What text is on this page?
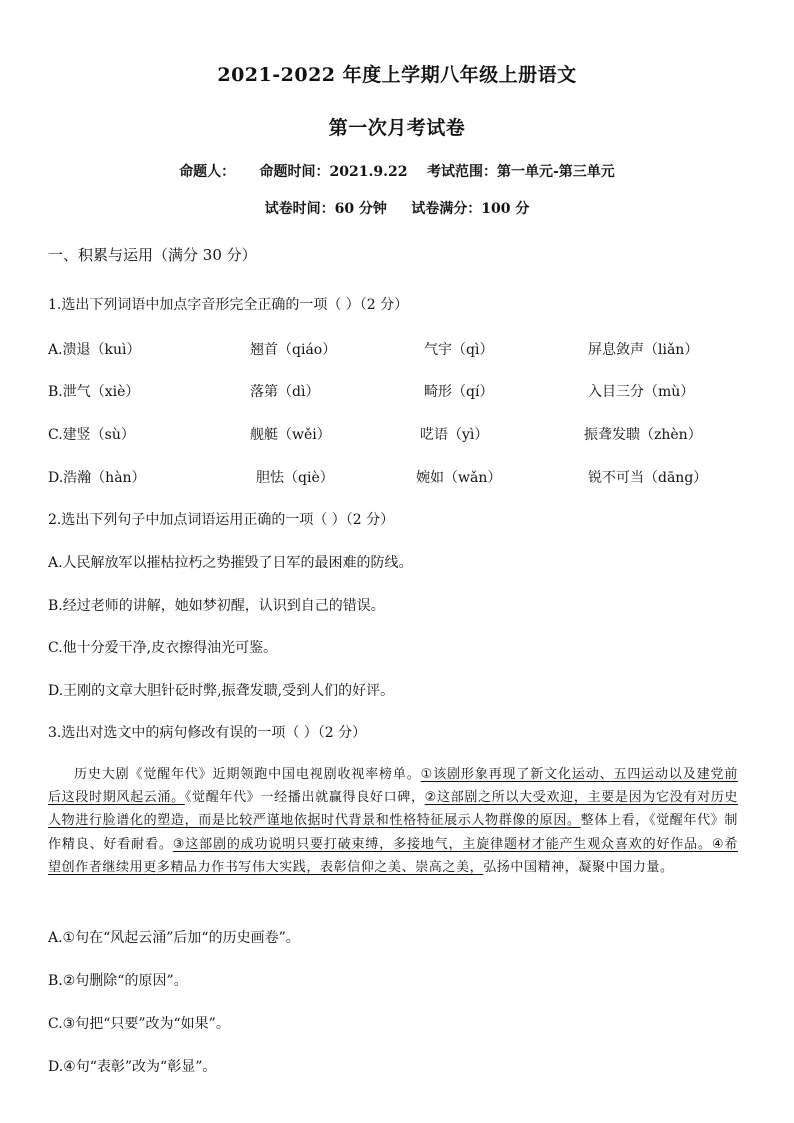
2021-2022 年度上学期八年级上册语文
第一次月考试卷
命题人：     命题时间：2021.9.22    考试范围：第一单元-第三单元
试卷时间：60 分钟     试卷满分：100 分
一、积累与运用（满分 30 分）
1.选出下列词语中加点字音形完全正确的一项（ ）（2 分）
A.溃退（kuì）	翘首（qiáo）	气宇（qì）	屏息敛声（liǎn）
B.泄气（xiè）	落第（dì）	畸形（qí）	入目三分（mù）
C.建竖（sù）	舰艇（wěi）	呓语（yì）	振聋发聩（zhèn）
D.浩瀚（hàn）	胆怯（qiè）	婉如（wǎn）	锐不可当（dāng）
2.选出下列句子中加点词语运用正确的一项（ ）（2 分）
A.人民解放军以摧枯拉朽之势摧毁了日军的最困难的防线。
B.经过老师的讲解，她如梦初醒，认识到自己的错误。
C.他十分爱干净,皮衣擦得油光可鉴。
D.王刚的文章大胆针砭时弊,振聋发聩,受到人们的好评。
3.选出对选文中的病句修改有误的一项（ ）（2 分）
历史大剧《觉醒年代》近期领跑中国电视剧收视率榜单。①该剧形象再现了新文化运动、五四运动以及建党前后这段时期风起云涌。《觉醒年代》一经播出就赢得良好口碑，②这部剧之所以大受欢迎，主要是因为它没有对历史人物进行脸谱化的塑造，而是比较严谨地依据时代背景和性格特征展示人物群像的原因。整体上看，《觉醒年代》制作精良、好看耐看。③这部剧的成功说明只要打破束缚，多接地气，主旋律题材才能产生观众喜欢的好作品。④希望创作者继续用更多精品力作书写伟大实践，表彰信仰之美、崇高之美，弘扬中国精神，凝聚中国力量。
A.①句在“风起云涌”后加“的历史画卷”。
B.②句删除“的原因”。
C.③句把“只要”改为“如果”。
D.④句“表彰”改为“彰显”。
